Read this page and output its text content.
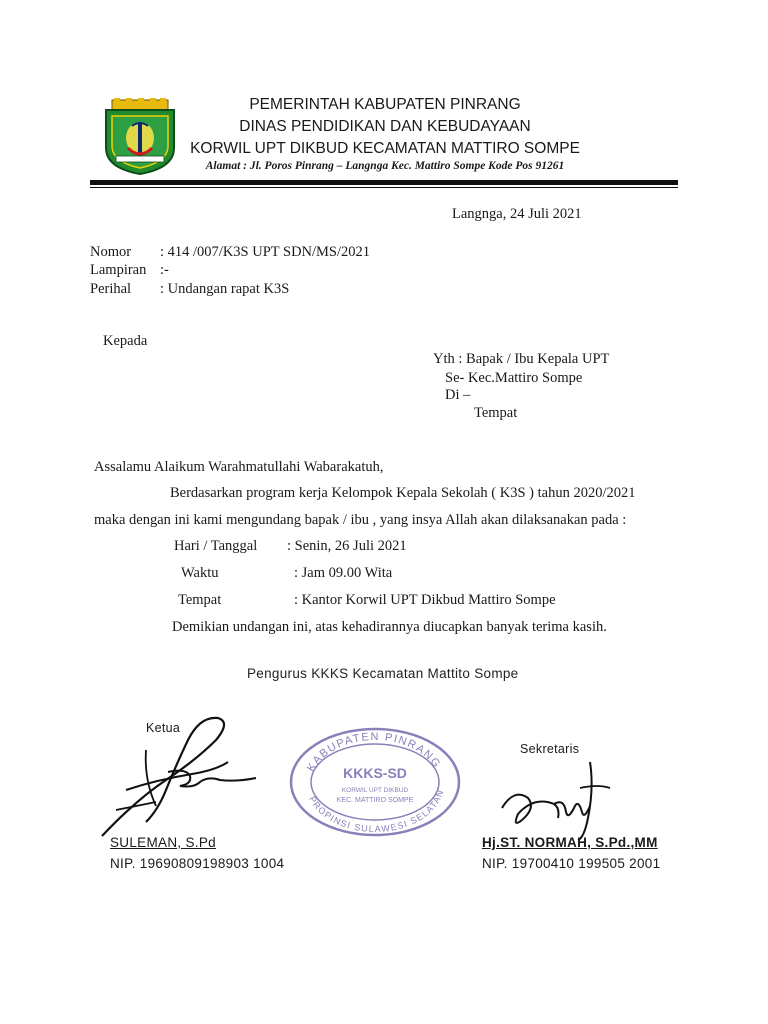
PEMERINTAH KABUPATEN PINRANG
DINAS PENDIDIKAN DAN KEBUDAYAAN
KORWIL UPT DIKBUD KECAMATAN MATTIRO SOMPE
Alamat : Jl. Poros Pinrang – Langnga Kec. Mattiro Sompe Kode Pos 91261
Langnga, 24 Juli 2021
Nomor : 414 /007/K3S UPT SDN/MS/2021
Lampiran :-
Perihal : Undangan rapat K3S
Kepada
Yth : Bapak / Ibu Kepala UPT
Se- Kec.Mattiro Sompe
Di –
Tempat
Assalamu Alaikum Warahmatullahi Wabarakatuh,
Berdasarkan program kerja Kelompok Kepala Sekolah ( K3S ) tahun 2020/2021
maka dengan ini kami mengundang bapak / ibu , yang insya Allah akan dilaksanakan pada :
Hari / Tanggal : Senin, 26 Juli 2021
Waktu	: Jam 09.00 Wita
Tempat	: Kantor Korwil UPT Dikbud Mattiro Sompe
Demikian undangan ini, atas kehadirannya diucapkan banyak terima kasih.
Pengurus KKKS Kecamatan Mattito Sompe
Ketua
SULEMAN, S.Pd
NIP. 19690809198903 1004
KABUPATEN PINRANG
PROPINSI SULAWESI SELATAN
KKKS-SD
KORWIL UPT DIKBUD
KEC. MATTIRO SOMPE
Sekretaris
Hj.ST. NORMAH, S.Pd.,MM
NIP. 19700410 199505 2001
